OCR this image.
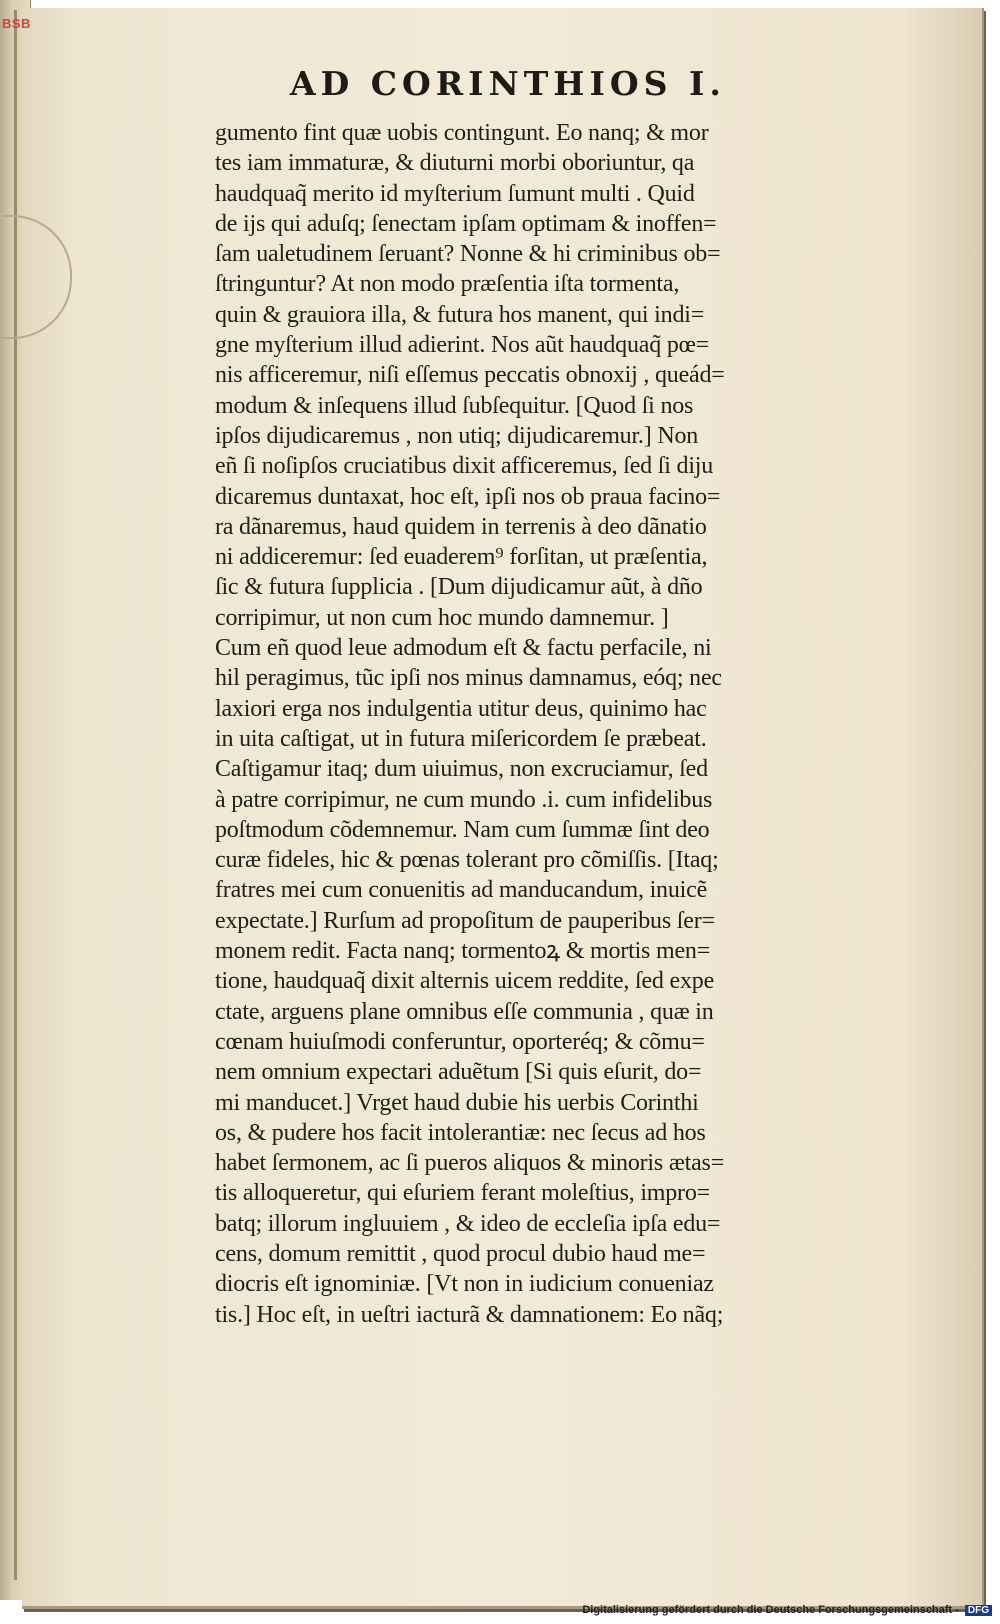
BSB
AD CORINTHIOS I.
gumento fint quæ uobis contingunt. Eo nanq; & mor
tes iam immaturæ, & diuturni morbi oboriuntur, qa
haudquaq̃ merito id myſterium ſumunt multi . Quid
de ijs qui aduſq; ſenectam ipſam optimam & inoffen=
ſam ualetudinem ſeruant? Nonne & hi criminibus ob=
ſtringuntur? At non modo præſentia iſta tormenta,
quin & grauiora illa, & futura hos manent, qui indi=
gne myſterium illud adierint. Nos aũt haudquaq̃ pœ=
nis afficeremur, niſi eſſemus peccatis obnoxij , queád=
modum & inſequens illud ſubſequitur. [Quod ſi nos
ipſos dijudicaremus , non utiq; dijudicaremur.] Non
eñ ſi noſipſos cruciatibus dixit afficeremus, ſed ſi diju
dicaremus duntaxat, hoc eſt, ipſi nos ob praua facino=
ra dãnaremus, haud quidem in terrenis à deo dãnatio
ni addiceremur: ſed euaderem⁹ forſitan, ut præſentia,
ſic & futura ſupplicia . [Dum dijudicamur aũt, à dño
corripimur, ut non cum hoc mundo damnemur. ]
Cum eñ quod leue admodum eſt & factu perfacile, ni
hil peragimus, tũc ipſi nos minus damnamus, eóq; nec
laxiori erga nos indulgentia utitur deus, quinimo hac
in uita caſtigat, ut in futura miſericordem ſe præbeat.
Caſtigamur itaq; dum uiuimus, non excruciamur, ſed
à patre corripimur, ne cum mundo .i. cum infidelibus
poſtmodum cõdemnemur. Nam cum ſummæ ſint deo
curæ fideles, hic & pœnas tolerant pro cõmiſſis. [Itaq;
fratres mei cum conuenitis ad manducandum, inuicẽ
expectate.] Rurſum ad propoſitum de pauperibus ſer=
monem redit. Facta nanq; tormentoꝝ & mortis men=
tione, haudquaq̃ dixit alternis uicem reddite, ſed expe
ctate, arguens plane omnibus eſſe communia , quæ in
cœnam huiuſmodi conferuntur, oporteréq; & cõmu=
nem omnium expectari aduẽtum [Si quis eſurit, do=
mi manducet.] Vrget haud dubie his uerbis Corinthi
os, & pudere hos facit intolerantiæ: nec ſecus ad hos
habet ſermonem, ac ſi pueros aliquos & minoris ætas=
tis alloqueretur, qui eſuriem ferant moleſtius, impro=
batq; illorum ingluuiem , & ideo de eccleſia ipſa edu=
cens, domum remittit , quod procul dubio haud me=
diocris eſt ignominiæ. [Vt non in iudicium conueniaz
tis.] Hoc eſt, in ueſtri iacturã & damnationem: Eo nãq;
Digitalisierung gefördert durch die Deutsche Forschungsgemeinschaft - DFG
